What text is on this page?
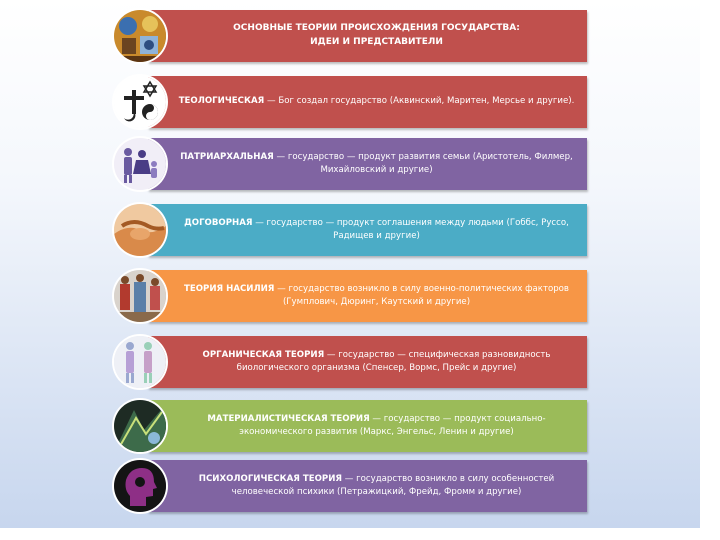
ОСНОВНЫЕ ТЕОРИИ ПРОИСХОЖДЕНИЯ ГОСУДАРСТВА:
ИДЕИ И ПРЕДСТАВИТЕЛИ
ТЕОЛОГИЧЕСКАЯ — Бог создал государство (Аквинский, Маритен, Мерсье и другие).
ПАТРИАРХАЛЬНАЯ — государство — продукт развития семьи (Аристотель, Филмер, Михайловский и другие)
ДОГОВОРНАЯ — государство — продукт соглашения между людьми (Гоббс, Руссо, Радищев и другие)
ТЕОРИЯ НАСИЛИЯ — государство возникло в силу военно-политических факторов (Гумплович, Дюринг, Каутский и другие)
ОРГАНИЧЕСКАЯ ТЕОРИЯ — государство — специфическая разновидность биологического организма (Спенсер, Вормс, Прейс и другие)
МАТЕРИАЛИСТИЧЕСКАЯ ТЕОРИЯ — государство — продукт социально-экономического развития (Маркс, Энгельс, Ленин и другие)
ПСИХОЛОГИЧЕСКАЯ ТЕОРИЯ — государство возникло в силу особенностей человеческой психики (Петражицкий, Фрейд, Фромм и другие)
